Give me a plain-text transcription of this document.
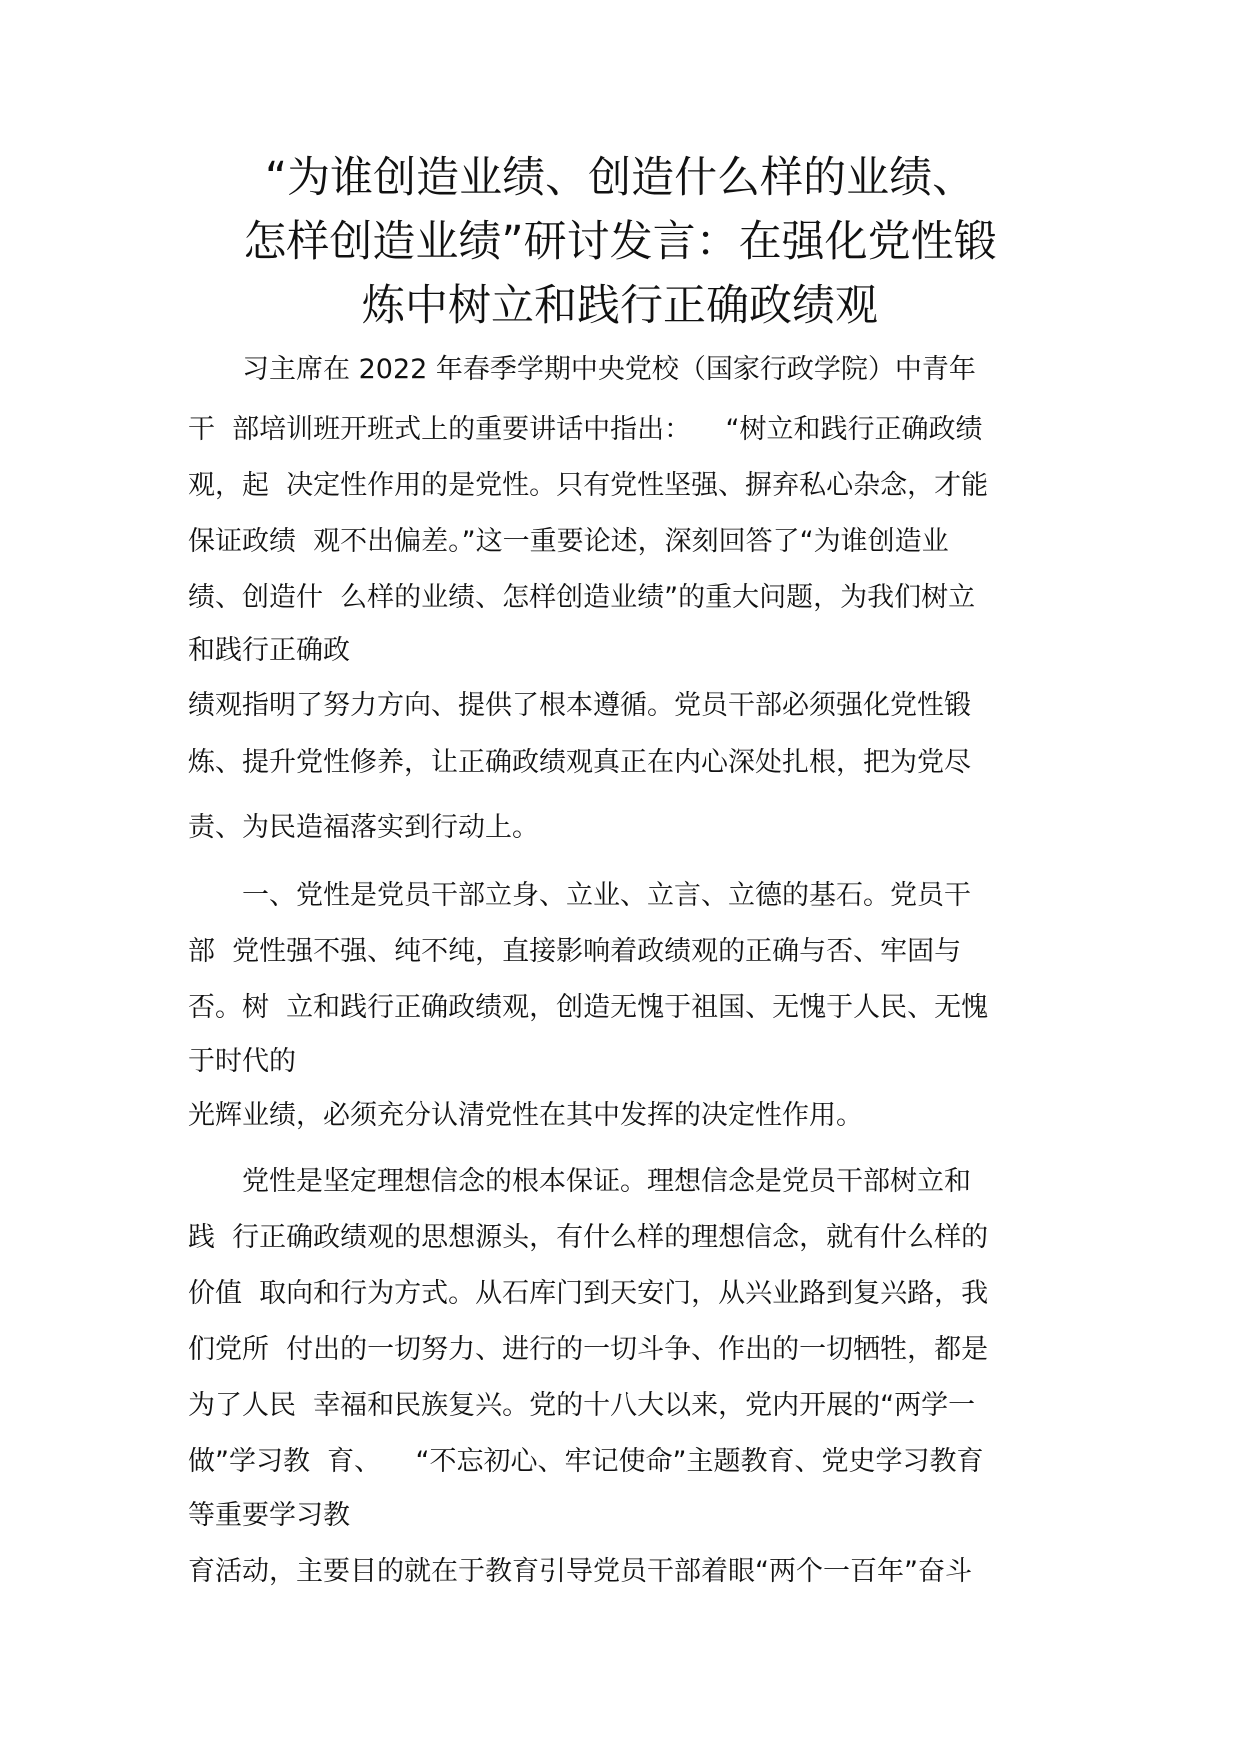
“为谁创造业绩、创造什么样的业绩、
怎样创造业绩”研讨发言：在强化党性锻
炼中树立和践行正确政绩观
习主席在 2022 年春季学期中央党校（国家行政学院）中青年
干  部培训班开班式上的重要讲话中指出：    “树立和践行正确政绩
观，起  决定性作用的是党性。只有党性坚强、摒弃私心杂念，才能
保证政绩  观不出偏差。”这一重要论述，深刻回答了“为谁创造业
绩、创造什  么样的业绩、怎样创造业绩”的重大问题，为我们树立
和践行正确政
绩观指明了努力方向、提供了根本遵循。党员干部必须强化党性锻
炼、提升党性修养，让正确政绩观真正在内心深处扎根，把为党尽
责、为民造福落实到行动上。
一、党性是党员干部立身、立业、立言、立德的基石。党员干
部  党性强不强、纯不纯，直接影响着政绩观的正确与否、牢固与
否。树  立和践行正确政绩观，创造无愧于祖国、无愧于人民、无愧
于时代的
光辉业绩，必须充分认清党性在其中发挥的决定性作用。
党性是坚定理想信念的根本保证。理想信念是党员干部树立和
践  行正确政绩观的思想源头，有什么样的理想信念，就有什么样的
价值  取向和行为方式。从石库门到天安门，从兴业路到复兴路，我
们党所  付出的一切努力、进行的一切斗争、作出的一切牺牲，都是
为了人民  幸福和民族复兴。党的十八大以来，党内开展的“两学一
做”学习教  育、    “不忘初心、牢记使命”主题教育、党史学习教育
等重要学习教
育活动，主要目的就在于教育引导党员干部着眼“两个一百年”奋斗
